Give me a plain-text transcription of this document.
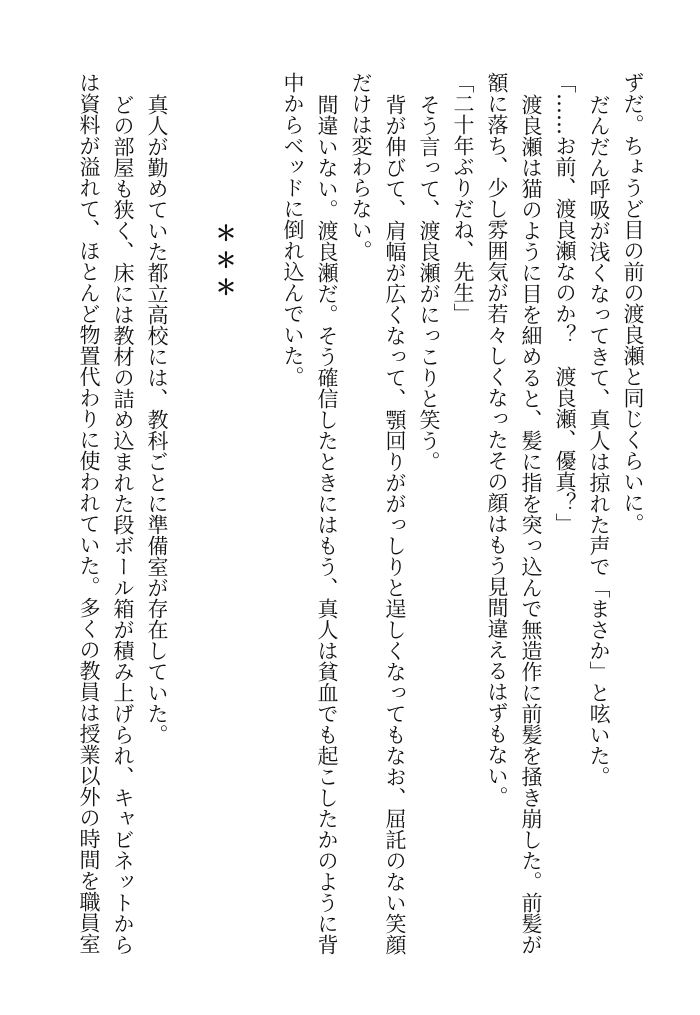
ずだ。ちょうど目の前の渡良瀬と同じくらいに。
だんだん呼吸が浅くなってきて、真人は掠れた声で「まさか」と呟いた。
「……お前、渡良瀬なのか？　渡良瀬、優真？」
渡良瀬は猫のように目を細めると、髪に指を突っ込んで無造作に前髪を掻き崩した。前髪が
額に落ち、少し雰囲気が若々しくなったその顔はもう見間違えるはずもない。
「二十年ぶりだね、先生」
そう言って、渡良瀬がにっこりと笑う。
背が伸びて、肩幅が広くなって、顎回りががっしりと逞しくなってもなお、屈託のない笑顔
だけは変わらない。
間違いない。渡良瀬だ。そう確信したときにはもう、真人は貧血でも起こしたかのように背
中からベッドに倒れ込んでいた。
＊＊＊
真人が勤めていた都立高校には、教科ごとに準備室が存在していた。
どの部屋も狭く、床には教材の詰め込まれた段ボール箱が積み上げられ、キャビネットから
は資料が溢れて、ほとんど物置代わりに使われていた。多くの教員は授業以外の時間を職員室
